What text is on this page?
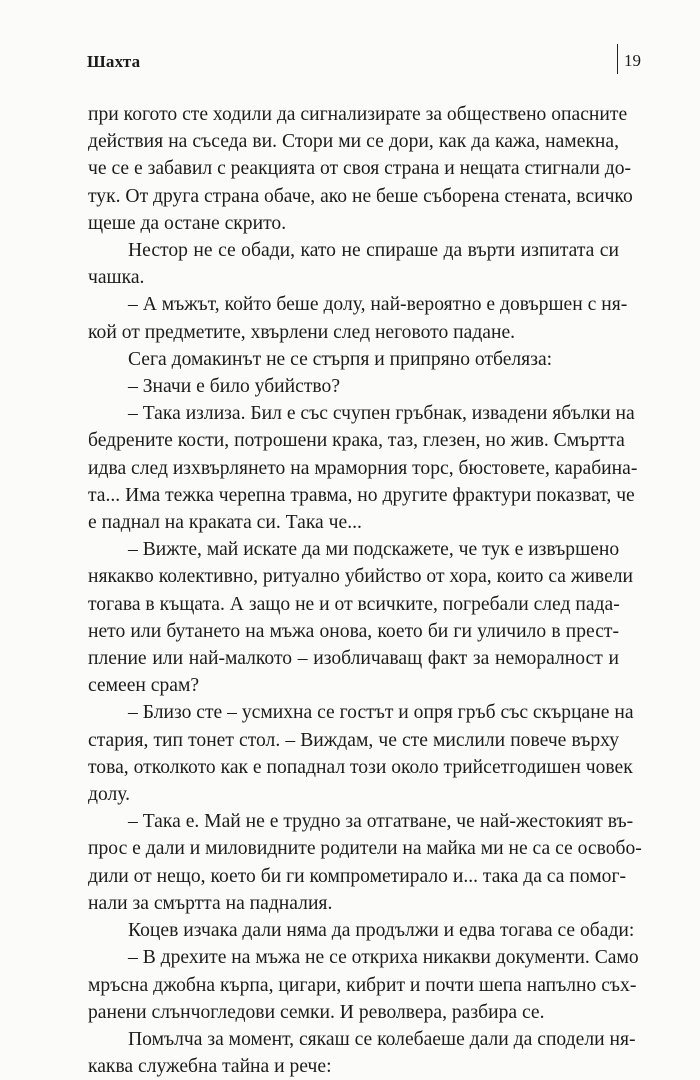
Шахта	19
при когото сте ходили да сигнализирате за обществено опасните
действия на съседа ви. Стори ми се дори, как да кажа, намекна,
че се е забавил с реакцията от своя страна и нещата стигнали до-
тук. От друга страна обаче, ако не беше съборена стената, всичко
щеше да остане скрито.
Нестор не се обади, като не спираше да върти изпитата си
чашка.
– А мъжът, който беше долу, най-вероятно е довършен с ня-
кой от предметите, хвърлени след неговото падане.
Сега домакинът не се стърпя и припряно отбеляза:
– Значи е било убийство?
– Така излиза. Бил е със счупен гръбнак, извадени ябълки на
бедрените кости, потрошени крака, таз, глезен, но жив. Смъртта
идва след изхвърлянето на мраморния торс, бюстовете, карабина-
та... Има тежка черепна травма, но другите фрактури показват, че
е паднал на краката си. Така че...
– Вижте, май искате да ми подскажете, че тук е извършено
някакво колективно, ритуално убийство от хора, които са живели
тогава в къщата. А защо не и от всичките, погребали след пада-
нето или бутането на мъжа онова, което би ги уличило в прест-
пление или най-малкото – изобличаващ факт за неморалност и
семеен срам?
– Близо сте – усмихна се гостът и опря гръб със скърцане на
стария, тип тонет стол. – Виждам, че сте мислили повече върху
това, отколкото как е попаднал този около трийсетгодишен човек
долу.
– Така е. Май не е трудно за отгатване, че най-жестокият въ-
прос е дали и миловидните родители на майка ми не са се освобо-
дили от нещо, което би ги компрометирало и... така да са помог-
нали за смъртта на падналия.
Коцев изчака дали няма да продължи и едва тогава се обади:
– В дрехите на мъжа не се откриха никакви документи. Само
мръсна джобна кърпа, цигари, кибрит и почти шепа напълно съх-
ранени слънчогледови семки. И револвера, разбира се.
Помълча за момент, сякаш се колебаеше дали да сподели ня-
каква служебна тайна и рече:
